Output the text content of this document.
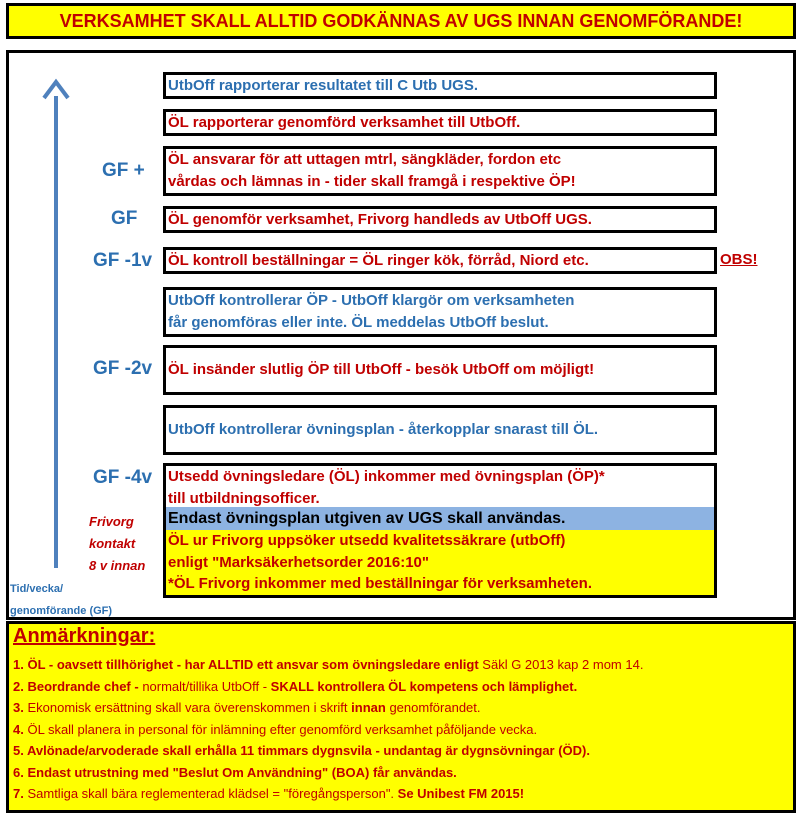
VERKSAMHET SKALL ALLTID GODKÄNNAS AV UGS INNAN GENOMFÖRANDE!
Tid/vecka/
genomförande (GF)
GF +
GF
GF -1v
GF -2v
GF -4v
Frivorg
kontakt
8 v innan
UtbOff rapporterar resultatet till C Utb UGS.
ÖL rapporterar genomförd verksamhet till UtbOff.
ÖL ansvarar för att uttagen mtrl, sängkläder, fordon etc
vårdas och lämnas in - tider skall framgå i respektive ÖP!
ÖL genomför verksamhet, Frivorg handleds av UtbOff UGS.
ÖL kontroll beställningar = ÖL ringer kök, förråd, Niord etc.	OBS!
UtbOff kontrollerar ÖP - UtbOff klargör om verksamheten
får genomföras eller inte. ÖL meddelas UtbOff beslut.
ÖL insänder slutlig ÖP till UtbOff - besök UtbOff om möjligt!
UtbOff kontrollerar övningsplan - återkopplar snarast till ÖL.
Utsedd övningsledare (ÖL) inkommer med övningsplan (ÖP)*
till utbildningsofficer.
Endast övningsplan utgiven av UGS skall användas.
ÖL ur Frivorg uppsöker utsedd kvalitetssäkrare (utbOff)
enligt "Marksäkerhetsorder 2016:10"
*ÖL Frivorg inkommer med beställningar för verksamheten.
Anmärkningar:
1. ÖL - oavsett tillhörighet - har ALLTID ett ansvar som övningsledare enligt Säkl G 2013 kap 2 mom 14.
2. Beordrande chef - normalt/tillika UtbOff - SKALL kontrollera ÖL kompetens och lämplighet.
3. Ekonomisk ersättning skall vara överenskommen i skrift innan genomförandet.
4. ÖL skall planera in personal för inlämning efter genomförd verksamhet påföljande vecka.
5. Avlönade/arvoderade skall erhålla 11 timmars dygnsvila - undantag är dygnsövningar (ÖD).
6. Endast utrustning med "Beslut Om Användning" (BOA) får användas.
7. Samtliga skall bära reglementerad klädsel = "föregångsperson". Se Unibest FM 2015!
